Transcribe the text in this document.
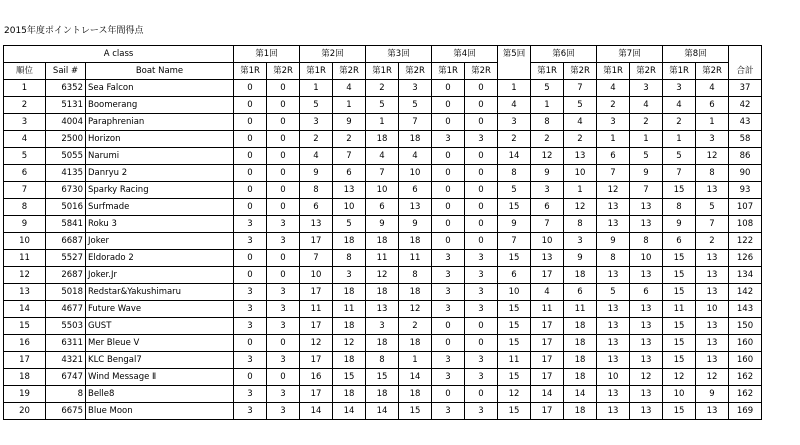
2015年度ポイントレース年間得点
A class			第1回		第2回		第3回		第4回		第5回	第6回		第7回		第8回		
順位	Sail #	Boat Name	第1R	第2R	第1R	第2R	第1R	第2R	第1R	第2R		第1R	第2R	第1R	第2R	第1R	第2R	合計
1	6352	Sea Falcon	0	0	1	4	2	3	0	0	1	5	7	4	3	3	4	37
2	5131	Boomerang	0	0	5	1	5	5	0	0	4	1	5	2	4	4	6	42
3	4004	Paraphrenian	0	0	3	9	1	7	0	0	3	8	4	3	2	2	1	43
4	2500	Horizon	0	0	2	2	18	18	3	3	2	2	2	1	1	1	3	58
5	5055	Narumi	0	0	4	7	4	4	0	0	14	12	13	6	5	5	12	86
6	4135	Danryu 2	0	0	9	6	7	10	0	0	8	9	10	7	9	7	8	90
7	6730	Sparky Racing	0	0	8	13	10	6	0	0	5	3	1	12	7	15	13	93
8	5016	Surfmade	0	0	6	10	6	13	0	0	15	6	12	13	13	8	5	107
9	5841	Roku 3	3	3	13	5	9	9	0	0	9	7	8	13	13	9	7	108
10	6687	Joker	3	3	17	18	18	18	0	0	7	10	3	9	8	6	2	122
11	5527	Eldorado 2	0	0	7	8	11	11	3	3	15	13	9	8	10	15	13	126
12	2687	Joker.Jr	0	0	10	3	12	8	3	3	6	17	18	13	13	15	13	134
13	5018	Redstar&Yakushimaru	3	3	17	18	18	18	3	3	10	4	6	5	6	15	13	142
14	4677	Future Wave	3	3	11	11	13	12	3	3	15	11	11	13	13	11	10	143
15	5503	GUST	3	3	17	18	3	2	0	0	15	17	18	13	13	15	13	150
16	6311	Mer Bleue Ⅴ	0	0	12	12	18	18	0	0	15	17	18	13	13	15	13	160
17	4321	KLC Bengal7	3	3	17	18	8	1	3	3	11	17	18	13	13	15	13	160
18	6747	Wind Message Ⅱ	0	0	16	15	15	14	3	3	15	17	18	10	12	12	12	162
19	8	Belle8	3	3	17	18	18	18	0	0	12	14	14	13	13	10	9	162
20	6675	Blue Moon	3	3	14	14	14	15	3	3	15	17	18	13	13	15	13	169
